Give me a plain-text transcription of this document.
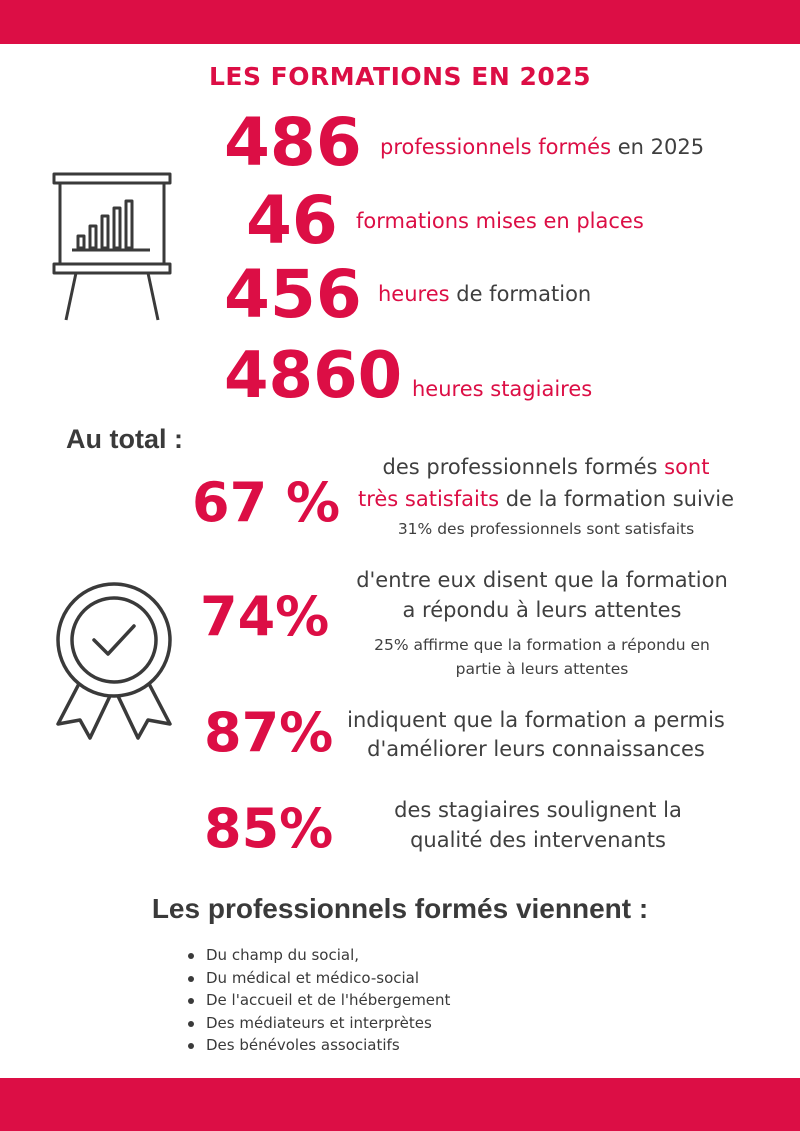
LES FORMATIONS EN 2025
486 professionnels formés en 2025
46 formations mises en places
456 heures de formation
4860 heures stagiaires
Au total :
67 %
des professionnels formés sont
très satisfaits de la formation suivie
31% des professionnels sont satisfaits
74%
d'entre eux disent que la formation
a répondu à leurs attentes
25% affirme que la formation a répondu en
partie à leurs attentes
87% indiquent que la formation a permis
d'améliorer leurs connaissances
85%	des stagiaires soulignent la
qualité des intervenants
Les professionnels formés viennent :
Du champ du social,
Du médical et médico-social
De l'accueil et de l'hébergement
Des médiateurs et interprètes
Des bénévoles associatifs
